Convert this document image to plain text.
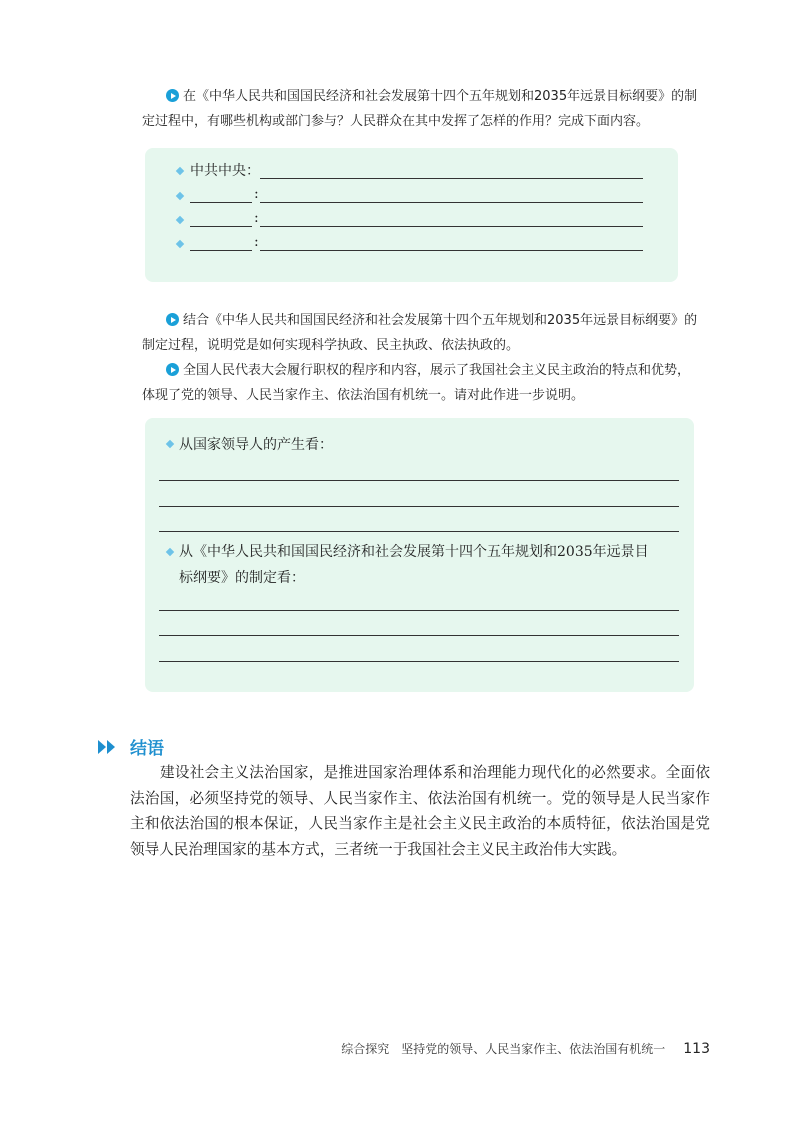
在《中华人民共和国国民经济和社会发展第十四个五年规划和2035年远景目标纲要》的制定过程中，有哪些机构或部门参与？人民群众在其中发挥了怎样的作用？完成下面内容。
中共中央：
:
:
:
结合《中华人民共和国国民经济和社会发展第十四个五年规划和2035年远景目标纲要》的制定过程，说明党是如何实现科学执政、民主执政、依法执政的。
全国人民代表大会履行职权的程序和内容，展示了我国社会主义民主政治的特点和优势，体现了党的领导、人民当家作主、依法治国有机统一。请对此作进一步说明。
从国家领导人的产生看：
从《中华人民共和国国民经济和社会发展第十四个五年规划和2035年远景目
标纲要》的制定看：
结语
建设社会主义法治国家，是推进国家治理体系和治理能力现代化的必然要求。全面依法治国，必须坚持党的领导、人民当家作主、依法治国有机统一。党的领导是人民当家作主和依法治国的根本保证，人民当家作主是社会主义民主政治的本质特征，依法治国是党领导人民治理国家的基本方式，三者统一于我国社会主义民主政治伟大实践。
综合探究　坚持党的领导、人民当家作主、依法治国有机统一 113
